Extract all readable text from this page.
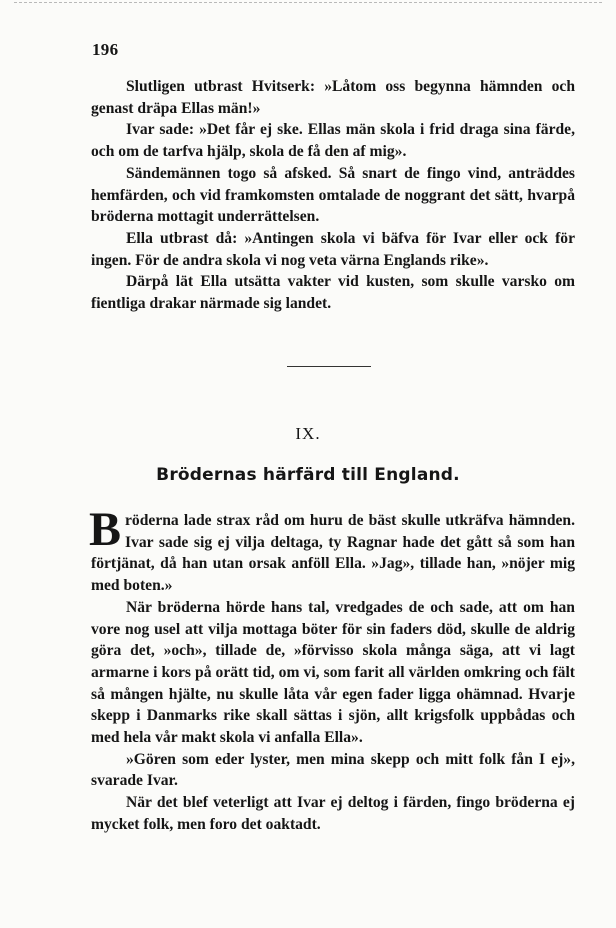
196

Slutligen utbrast Hvitserk: »Låtom oss begynna hämnden och genast dräpa Ellas män!»

Ivar sade: »Det får ej ske. Ellas män skola i frid draga sina färde, och om de tarfva hjälp, skola de få den af mig».

Sändemännen togo så afsked. Så snart de fingo vind, anträddes hemfärden, och vid framkomsten omtalade de noggrant det sätt, hvarpå bröderna mottagit underrättelsen.

Ella utbrast då: »Antingen skola vi bäfva för Ivar eller ock för ingen. För de andra skola vi nog veta värna Englands rike».

Därpå lät Ella utsätta vakter vid kusten, som skulle varsko om fientliga drakar närmade sig landet.

IX.
Brödernas härfärd till England.

Bröderna lade strax råd om huru de bäst skulle utkräfva hämnden. Ivar sade sig ej vilja deltaga, ty Ragnar hade det gått så som han förtjänat, då han utan orsak anföll Ella. »Jag», tillade han, »nöjer mig med boten.»

När bröderna hörde hans tal, vredgades de och sade, att om han vore nog usel att vilja mottaga böter för sin faders död, skulle de aldrig göra det, »och», tillade de, »förvisso skola många säga, att vi lagt armarne i kors på orätt tid, om vi, som farit all världen omkring och fält så mången hjälte, nu skulle låta vår egen fader ligga ohämnad. Hvarje skepp i Danmarks rike skall sättas i sjön, allt krigsfolk uppbådas och med hela vår makt skola vi anfalla Ella».

»Gören som eder lyster, men mina skepp och mitt folk fån I ej», svarade Ivar.

När det blef veterligt att Ivar ej deltog i färden, fingo bröderna ej mycket folk, men foro det oaktadt.
